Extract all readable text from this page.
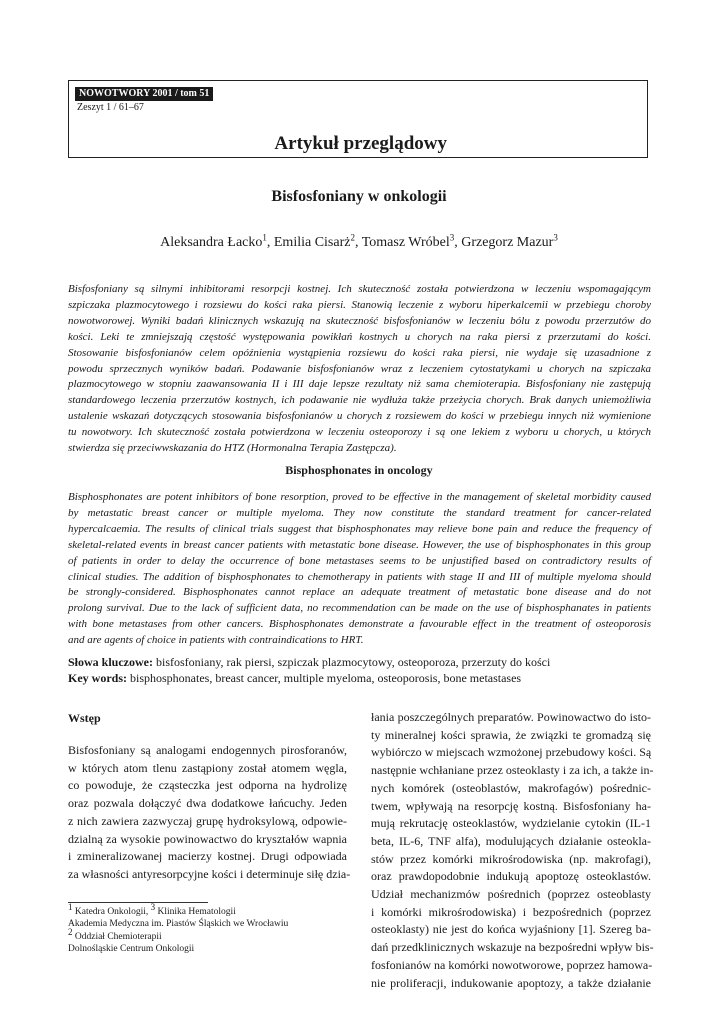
NOWOTWORY 2001 / tom 51
Zeszyt 1 / 61–67
Artykuł przeglądowy
Bisfosfoniany w onkologii
Aleksandra Łacko$^1$, Emilia Cisarż$^2$, Tomasz Wróbel$^3$, Grzegorz Mazur$^3$
Bisfosfoniany są silnymi inhibitorami resorpcji kostnej. Ich skuteczność została potwierdzona w leczeniu wspomagającym
szpiczaka plazmocytowego i rozsiewu do kości raka piersi. Stanowią leczenie z wyboru hiperkalcemii w przebiegu choroby
nowotworowej. Wyniki badań klinicznych wskazują na skuteczność bisfosfonianów w leczeniu bólu z powodu przerzutów do
kości. Leki te zmniejszają częstość występowania powikłań kostnych u chorych na raka piersi z przerzutami do kości.
Stosowanie bisfosfonianów celem opóźnienia wystąpienia rozsiewu do kości raka piersi, nie wydaje się uzasadnione z
powodu sprzecznych wyników badań. Podawanie bisfosfonianów wraz z leczeniem cytostatykami u chorych na szpiczaka
plazmocytowego w stopniu zaawansowania II i III daje lepsze rezultaty niż sama chemioterapia. Bisfosfoniany nie zastępują
standardowego leczenia przerzutów kostnych, ich podawanie nie wydłuża także przeżycia chorych. Brak danych uniemożliwia
ustalenie wskazań dotyczących stosowania bisfosfonianów u chorych z rozsiewem do kości w przebiegu innych niż wymienione
tu nowotwory. Ich skuteczność została potwierdzona w leczeniu osteoporozy i są one lekiem z wyboru u chorych, u których
stwierdza się przeciwwskazania do HTZ (Hormonalna Terapia Zastępcza).
Bisphosphonates in oncology
Bisphosphonates are potent inhibitors of bone resorption, proved to be effective in the management of skeletal morbidity caused
by metastatic breast cancer or multiple myeloma. They now constitute the standard treatment for cancer-related
hypercalcaemia. The results of clinical trials suggest that bisphosphonates may relieve bone pain and reduce the frequency of
skeletal-related events in breast cancer patients with metastatic bone disease. However, the use of bisphosphonates in this group
of patients in order to delay the occurrence of bone metastases seems to be unjustified based on contradictory results of
clinical studies. The addition of bisphosphonates to chemotherapy in patients with stage II and III of multiple myeloma should
be strongly-considered. Bisphosphonates cannot replace an adequate treatment of metastatic bone disease and do not
prolong survival. Due to the lack of sufficient data, no recommendation can be made on the use of bisphosphanates in patients
with bone metastases from other cancers. Bisphosphonates demonstrate a favourable effect in the treatment of osteoporosis
and are agents of choice in patients with contraindications to HRT.
Słowa kluczowe: bisfosfoniany, rak piersi, szpiczak plazmocytowy, osteoporoza, przerzuty do kości
Key words: bisphosphonates, breast cancer, multiple myeloma, osteoporosis, bone metastases
Wstęp
Bisfosfoniany są analogami endogennych pirosforanów,
w których atom tlenu zastąpiony został atomem węgla,
co powoduje, że cząsteczka jest odporna na hydrolizę
oraz pozwala dołączyć dwa dodatkowe łańcuchy. Jeden
z nich zawiera zazwyczaj grupę hydroksylową, odpowie-
dzialną za wysokie powinowactwo do kryształów wapnia
i zmineralizowanej macierzy kostnej. Drugi odpowiada
za własności antyresorpcyjne kości i determinuje siłę dzia-
łania poszczególnych preparatów. Powinowactwo do isto-
ty mineralnej kości sprawia, że związki te gromadzą się
wybiórczo w miejscach wzmożonej przebudowy kości. Są
następnie wchłaniane przez osteoklasty i za ich, a także in-
nych komórek (osteoblastów, makrofagów) pośrednic-
twem, wpływają na resorpcję kostną. Bisfosfoniany ha-
mują rekrutację osteoklastów, wydzielanie cytokin (IL-1
beta, IL-6, TNF alfa), modulujących działanie osteokla-
stów przez komórki mikrośrodowiska (np. makrofagi),
oraz prawdopodobnie indukują apoptozę osteoklastów.
Udział mechanizmów pośrednich (poprzez osteoblasty
i komórki mikrośrodowiska) i bezpośrednich (poprzez
osteoklasty) nie jest do końca wyjaśniony [1]. Szereg ba-
dań przedklinicznych wskazuje na bezpośredni wpływ bis-
fosfonianów na komórki nowotworowe, poprzez hamowa-
nie proliferacji, indukowanie apoptozy, a także działanie
$^1$ Katedra Onkologii, $^3$ Klinika Hematologii
Akademia Medyczna im. Piastów Śląskich we Wrocławiu
$^2$ Oddział Chemioterapii
Dolnośląskie Centrum Onkologii
